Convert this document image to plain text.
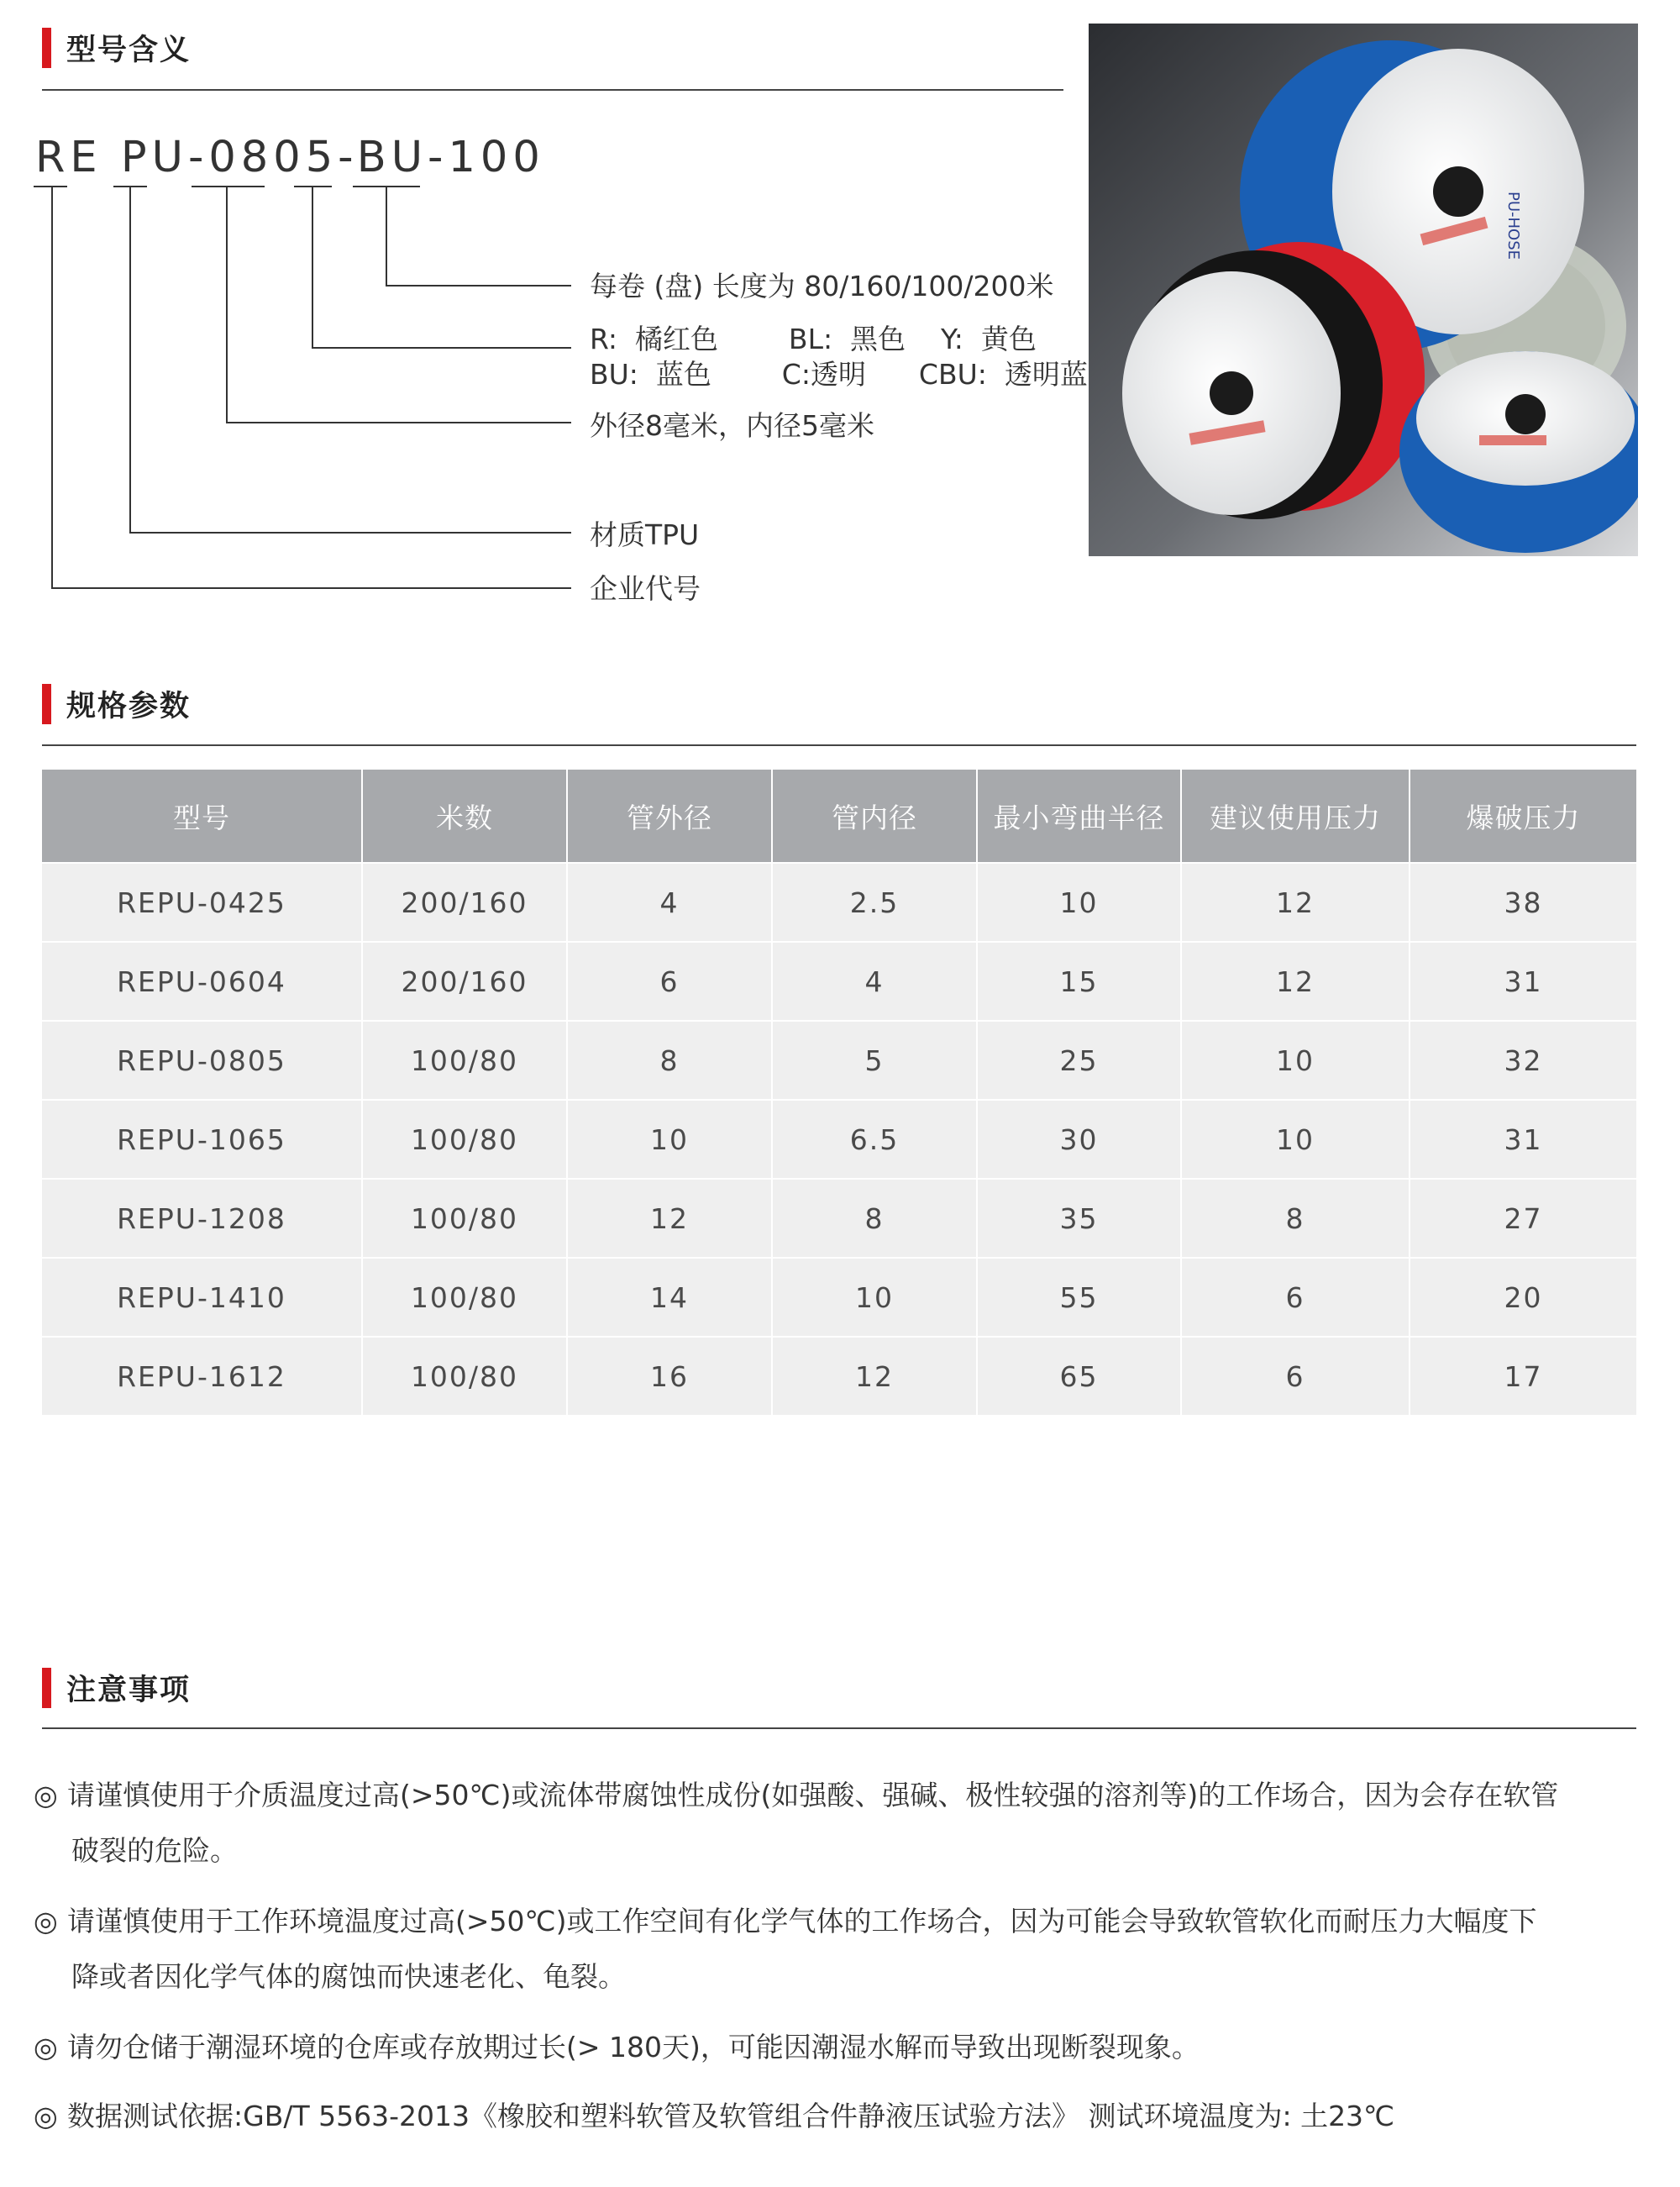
型号含义
RE PU-0805-BU-100
每卷 (盘) 长度为 80/160/100/200米
R:  橘红色        BL:  黑色    Y:  黄色
BU:  蓝色        C:透明      CBU:  透明蓝
外径8毫米，内径5毫米
材质TPU
企业代号
PU-HOSE
规格参数
型号	米数	管外径	管内径	最小弯曲半径	建议使用压力	爆破压力
REPU-0425	200/160	4	2.5	10	12	38
REPU-0604	200/160	6	4	15	12	31
REPU-0805	100/80	8	5	25	10	32
REPU-1065	100/80	10	6.5	30	10	31
REPU-1208	100/80	12	8	35	8	27
REPU-1410	100/80	14	10	55	6	20
REPU-1612	100/80	16	12	65	6	17
注意事项
◎ 请谨慎使用于介质温度过高(>50℃)或流体带腐蚀性成份(如强酸、强碱、极性较强的溶剂等)的工作场合，因为会存在软管
破裂的危险。
◎ 请谨慎使用于工作环境温度过高(>50℃)或工作空间有化学气体的工作场合，因为可能会导致软管软化而耐压力大幅度下
降或者因化学气体的腐蚀而快速老化、龟裂。
◎ 请勿仓储于潮湿环境的仓库或存放期过长(> 180天)，可能因潮湿水解而导致出现断裂现象。
◎ 数据测试依据:GB/T 5563-2013《橡胶和塑料软管及软管组合件静液压试验方法》 测试环境温度为: 土23℃
